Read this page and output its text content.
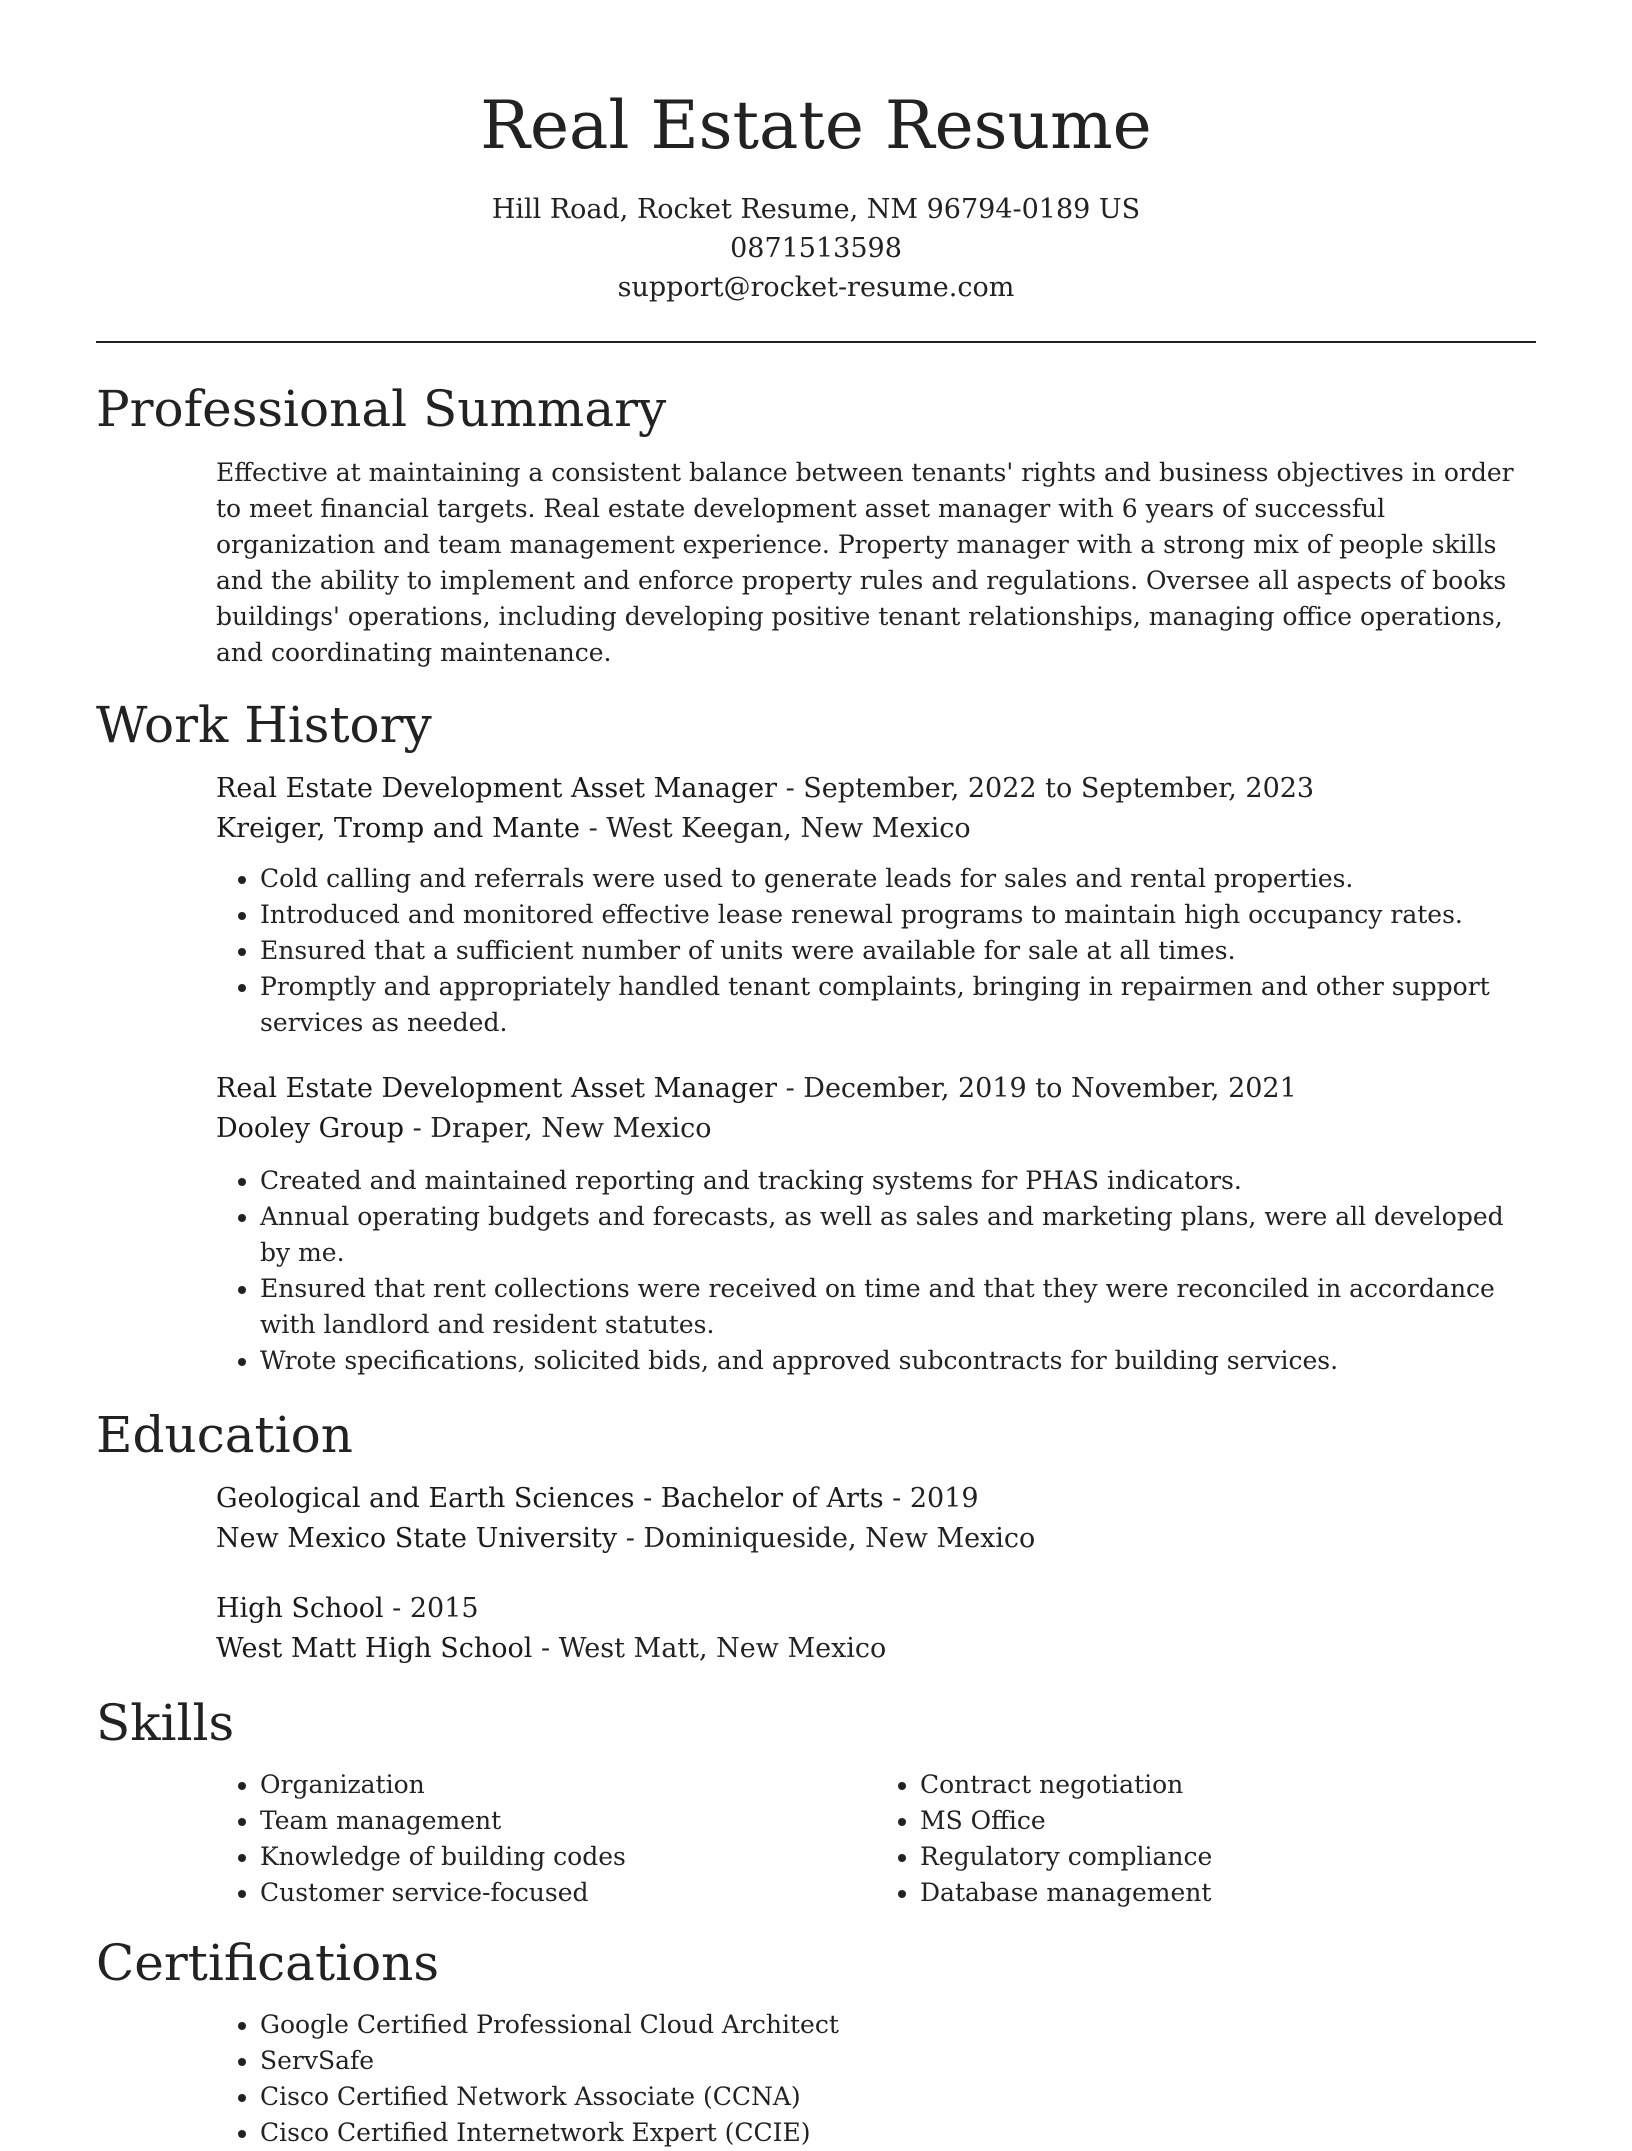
Real Estate Resume

Hill Road, Rocket Resume, NM 96794-0189 US

0871513598

support@rocket-resume.com

Professional Summary

Effective at maintaining a consistent balance between tenants' rights and business objectives in order to meet financial targets. Real estate development asset manager with 6 years of successful organization and team management experience. Property manager with a strong mix of people skills and the ability to implement and enforce property rules and regulations. Oversee all aspects of books buildings' operations, including developing positive tenant relationships, managing office operations, and coordinating maintenance.

Work History

Real Estate Development Asset Manager - September, 2022 to September, 2023

Kreiger, Tromp and Mante - West Keegan, New Mexico

• Cold calling and referrals were used to generate leads for sales and rental properties.
• Introduced and monitored effective lease renewal programs to maintain high occupancy rates.
• Ensured that a sufficient number of units were available for sale at all times.
• Promptly and appropriately handled tenant complaints, bringing in repairmen and other support services as needed.

Real Estate Development Asset Manager - December, 2019 to November, 2021

Dooley Group - Draper, New Mexico

• Created and maintained reporting and tracking systems for PHAS indicators.
• Annual operating budgets and forecasts, as well as sales and marketing plans, were all developed by me.
• Ensured that rent collections were received on time and that they were reconciled in accordance with landlord and resident statutes.
• Wrote specifications, solicited bids, and approved subcontracts for building services.
Education

Geological and Earth Sciences - Bachelor of Arts - 2019

New Mexico State University - Dominiqueside, New Mexico

High School - 2015

West Matt High School - West Matt, New Mexico

Skills
• Organization
• Team management
• Knowledge of building codes
• Customer service-focused
• Contract negotiation
• MS Office
• Regulatory compliance
• Database management
Certifications
• Google Certified Professional Cloud Architect
• ServSafe
• Cisco Certified Network Associate (CCNA)
• Cisco Certified Internetwork Expert (CCIE)
